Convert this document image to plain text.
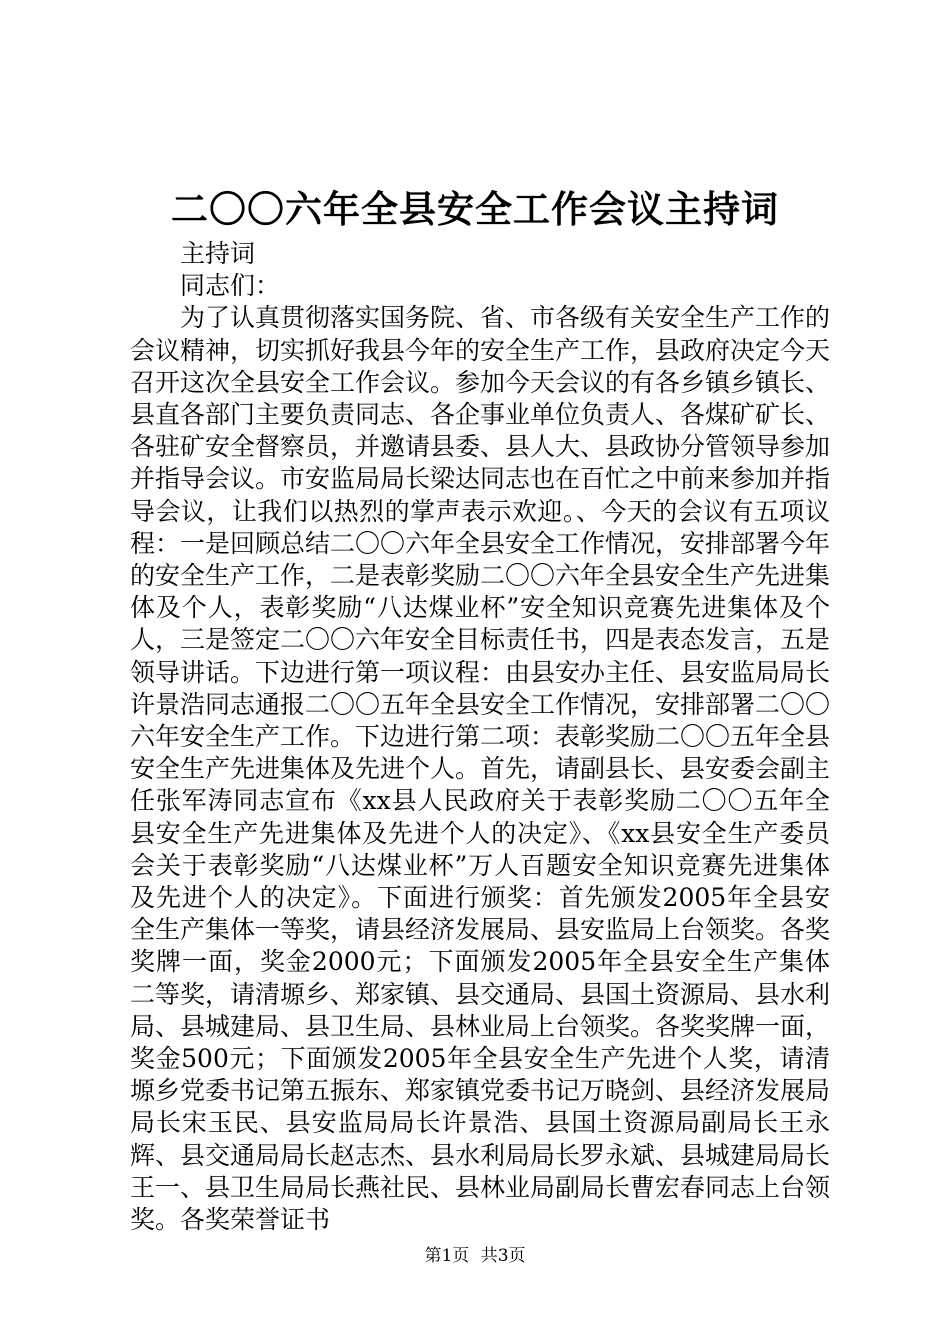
二〇〇六年全县安全工作会议主持词

主持词

同志们：

为了认真贯彻落实国务院、省、市各级有关安全生产工作的会议精神，切实抓好我县今年的安全生产工作，县政府决定今天召开这次全县安全工作会议。参加今天会议的有各乡镇乡镇长、县直各部门主要负责同志、各企事业单位负责人、各煤矿矿长、各驻矿安全督察员，并邀请县委、县人大、县政协分管领导参加并指导会议。市安监局局长梁达同志也在百忙之中前来参加并指导会议，让我们以热烈的掌声表示欢迎。、今天的会议有五项议程：一是回顾总结二〇〇六年全县安全工作情况，安排部署今年的安全生产工作，二是表彰奖励二〇〇六年全县安全生产先进集体及个人，表彰奖励“八达煤业杯”安全知识竞赛先进集体及个人，三是签定二〇〇六年安全目标责任书，四是表态发言，五是领导讲话。下边进行第一项议程：由县安办主任、县安监局局长许景浩同志通报二〇〇五年全县安全工作情况，安排部署二〇〇六年安全生产工作。下边进行第二项：表彰奖励二〇〇五年全县安全生产先进集体及先进个人。首先，请副县长、县安委会副主任张军涛同志宣布《xx县人民政府关于表彰奖励二〇〇五年全县安全生产先进集体及先进个人的决定》、《xx县安全生产委员会关于表彰奖励“八达煤业杯”万人百题安全知识竞赛先进集体及先进个人的决定》。下面进行颁奖：首先颁发2005年全县安全生产集体一等奖，请县经济发展局、县安监局上台领奖。各奖奖牌一面，奖金2000元；下面颁发2005年全县安全生产集体二等奖，请清塬乡、郑家镇、县交通局、县国土资源局、县水利局、县城建局、县卫生局、县林业局上台领奖。各奖奖牌一面，奖金500元；下面颁发2005年全县安全生产先进个人奖，请清塬乡党委书记第五振东、郑家镇党委书记万晓剑、县经济发展局局长宋玉民、县安监局局长许景浩、县国土资源局副局长王永辉、县交通局局长赵志杰、县水利局局长罗永斌、县城建局局长王一、县卫生局局长燕社民、县林业局副局长曹宏春同志上台领奖。各奖荣誉证书

第1页 共3页
